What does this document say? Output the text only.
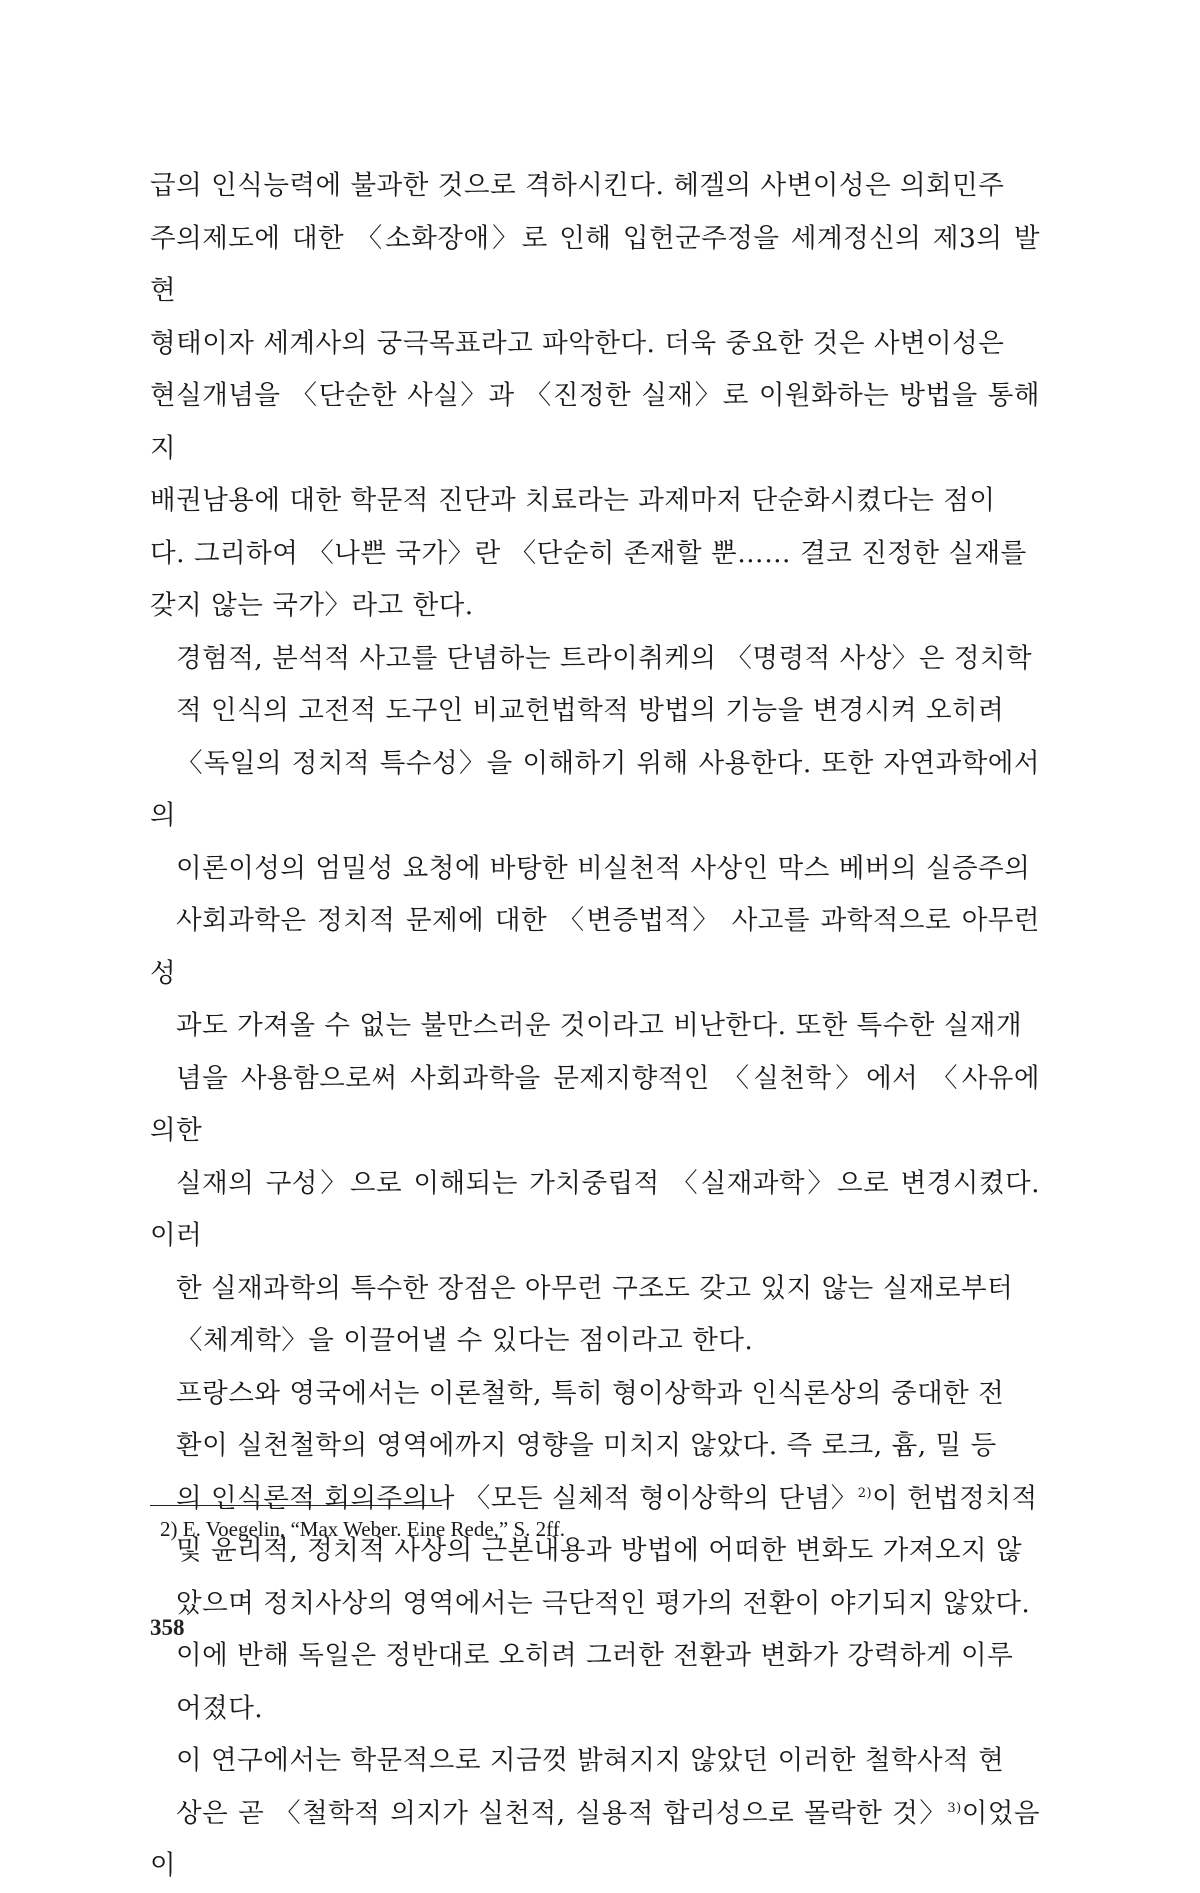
급의 인식능력에 불과한 것으로 격하시킨다. 헤겔의 사변이성은 의회민주
주의제도에 대한 〈소화장애〉로 인해 입헌군주정을 세계정신의 제3의 발현
형태이자 세계사의 궁극목표라고 파악한다. 더욱 중요한 것은 사변이성은
현실개념을 〈단순한 사실〉과 〈진정한 실재〉로 이원화하는 방법을 통해 지
배권남용에 대한 학문적 진단과 치료라는 과제마저 단순화시켰다는 점이
다. 그리하여 〈나쁜 국가〉란 〈단순히 존재할 뿐…… 결코 진정한 실재를
갖지 않는 국가〉라고 한다.

경험적, 분석적 사고를 단념하는 트라이취케의 〈명령적 사상〉은 정치학
적 인식의 고전적 도구인 비교헌법학적 방법의 기능을 변경시켜 오히려
〈독일의 정치적 특수성〉을 이해하기 위해 사용한다. 또한 자연과학에서의
이론이성의 엄밀성 요청에 바탕한 비실천적 사상인 막스 베버의 실증주의
사회과학은 정치적 문제에 대한 〈변증법적〉 사고를 과학적으로 아무런 성
과도 가져올 수 없는 불만스러운 것이라고 비난한다. 또한 특수한 실재개
념을 사용함으로써 사회과학을 문제지향적인 〈실천학〉에서 〈사유에 의한
실재의 구성〉으로 이해되는 가치중립적 〈실재과학〉으로 변경시켰다. 이러
한 실재과학의 특수한 장점은 아무런 구조도 갖고 있지 않는 실재로부터
〈체계학〉을 이끌어낼 수 있다는 점이라고 한다.

프랑스와 영국에서는 이론철학, 특히 형이상학과 인식론상의 중대한 전
환이 실천철학의 영역에까지 영향을 미치지 않았다. 즉 로크, 흄, 밀 등
의 인식론적 회의주의나 〈모든 실체적 형이상학의 단념〉$^{2)}$이 헌법정치적
및 윤리적, 정치적 사상의 근본내용과 방법에 어떠한 변화도 가져오지 않
았으며 정치사상의 영역에서는 극단적인 평가의 전환이 야기되지 않았다.
이에 반해 독일은 정반대로 오히려 그러한 전환과 변화가 강력하게 이루
어졌다.

이 연구에서는 학문적으로 지금껏 밝혀지지 않았던 이러한 철학사적 현
상은 곧 〈철학적 의지가 실천적, 실용적 합리성으로 몰락한 것〉$^{3)}$이었음이

2) E. Voegelin, “Max Weber. Eine Rede,” S. 2ff.
358
